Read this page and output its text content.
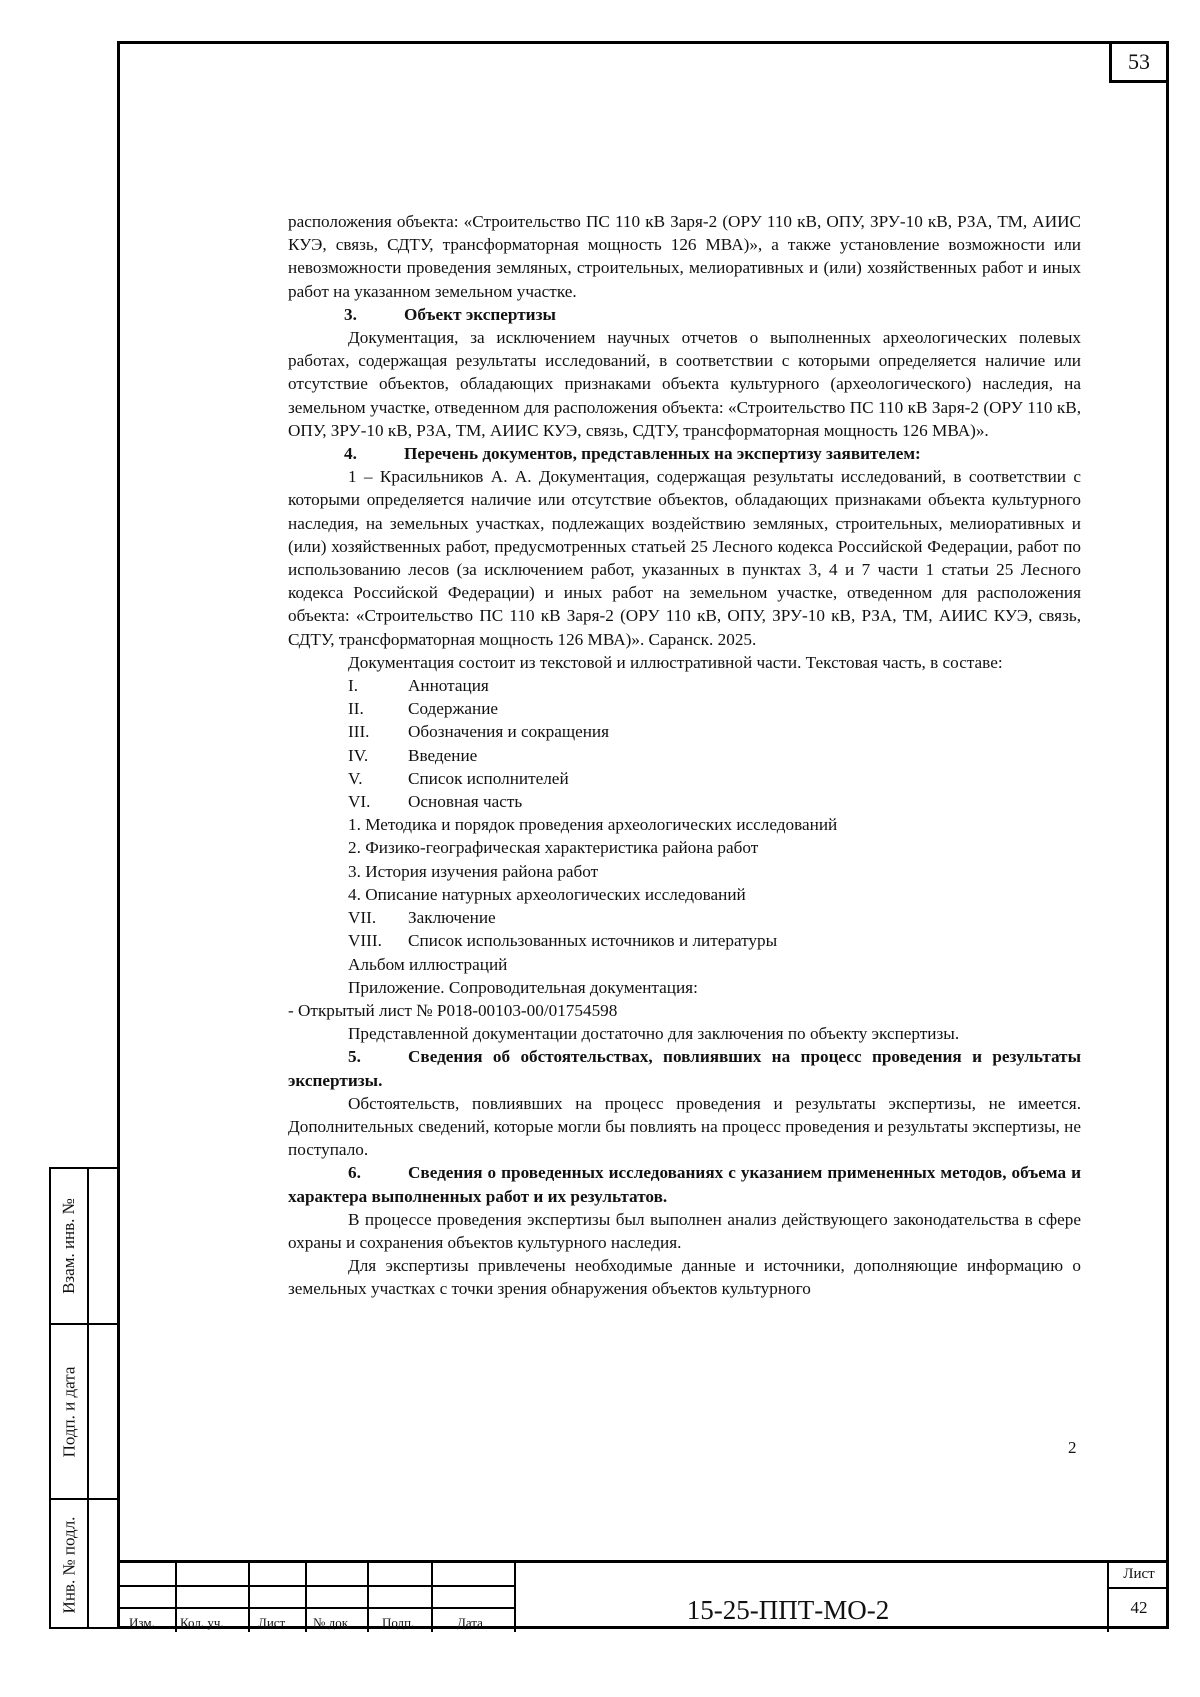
53

расположения объекта: «Строительство ПС 110 кВ Заря-2 (ОРУ 110 кВ, ОПУ, ЗРУ-10 кВ, РЗА, ТМ, АИИС КУЭ, связь, СДТУ, трансформаторная мощность 126 МВА)», а также установление возможности или невозможности проведения земляных, строительных, мелиоративных и (или) хозяйственных работ и иных работ на указанном земельном участке.

3.	Объект экспертизы

Документация, за исключением научных отчетов о выполненных археологических полевых работах, содержащая результаты исследований, в соответствии с которыми определяется наличие или отсутствие объектов, обладающих признаками объекта культурного (археологического) наследия, на земельном участке, отведенном для расположения объекта: «Строительство ПС 110 кВ Заря-2 (ОРУ 110 кВ, ОПУ, ЗРУ-10 кВ, РЗА, ТМ, АИИС КУЭ, связь, СДТУ, трансформаторная мощность 126 МВА)».

4.	Перечень документов, представленных на экспертизу заявителем:

1 – Красильников А. А. Документация, содержащая результаты исследований, в соответствии с которыми определяется наличие или отсутствие объектов, обладающих признаками объекта культурного наследия, на земельных участках, подлежащих воздействию земляных, строительных, мелиоративных и (или) хозяйственных работ, предусмотренных статьей 25 Лесного кодекса Российской Федерации, работ по использованию лесов (за исключением работ, указанных в пунктах 3, 4 и 7 части 1 статьи 25 Лесного кодекса Российской Федерации) и иных работ на земельном участке, отведенном для расположения объекта: «Строительство ПС 110 кВ Заря-2 (ОРУ 110 кВ, ОПУ, ЗРУ-10 кВ, РЗА, ТМ, АИИС КУЭ, связь, СДТУ, трансформаторная мощность 126 МВА)». Саранск. 2025.

Документация состоит из текстовой и иллюстративной части. Текстовая часть, в составе:

I.	Аннотация
II.	Содержание
III.	Обозначения и сокращения
IV.	Введение
V.	Список исполнителей
VI.	Основная часть

1. Методика и порядок проведения археологических исследований

2. Физико-географическая характеристика района работ

3. История изучения района работ

4. Описание натурных археологических исследований

VII.	Заключение
VIII.	Список использованных источников и литературы

Альбом иллюстраций

Приложение. Сопроводительная документация:

- Открытый лист № Р018-00103-00/01754598

Представленной документации достаточно для заключения по объекту экспертизы.

5.	Сведения об обстоятельствах, повлиявших на процесс проведения и результаты экспертизы.

Обстоятельств, повлиявших на процесс проведения и результаты экспертизы, не имеется. Дополнительных сведений, которые могли бы повлиять на процесс проведения и результаты экспертизы, не поступало.

6.	Сведения о проведенных исследованиях с указанием примененных методов, объема и характера выполненных работ и их результатов.

В процессе проведения экспертизы был выполнен анализ действующего законодательства в сфере охраны и сохранения объектов культурного наследия.

Для экспертизы привлечены необходимые данные и источники, дополняющие информацию о земельных участках с точки зрения обнаружения объектов культурного

2
Взам. инв. №
Подп. и дата
Инв. № подл.
Изм. Кол. уч.	Лист № док	Подп.	Дата	15-25-ППТ-МО-2
Лист
42
